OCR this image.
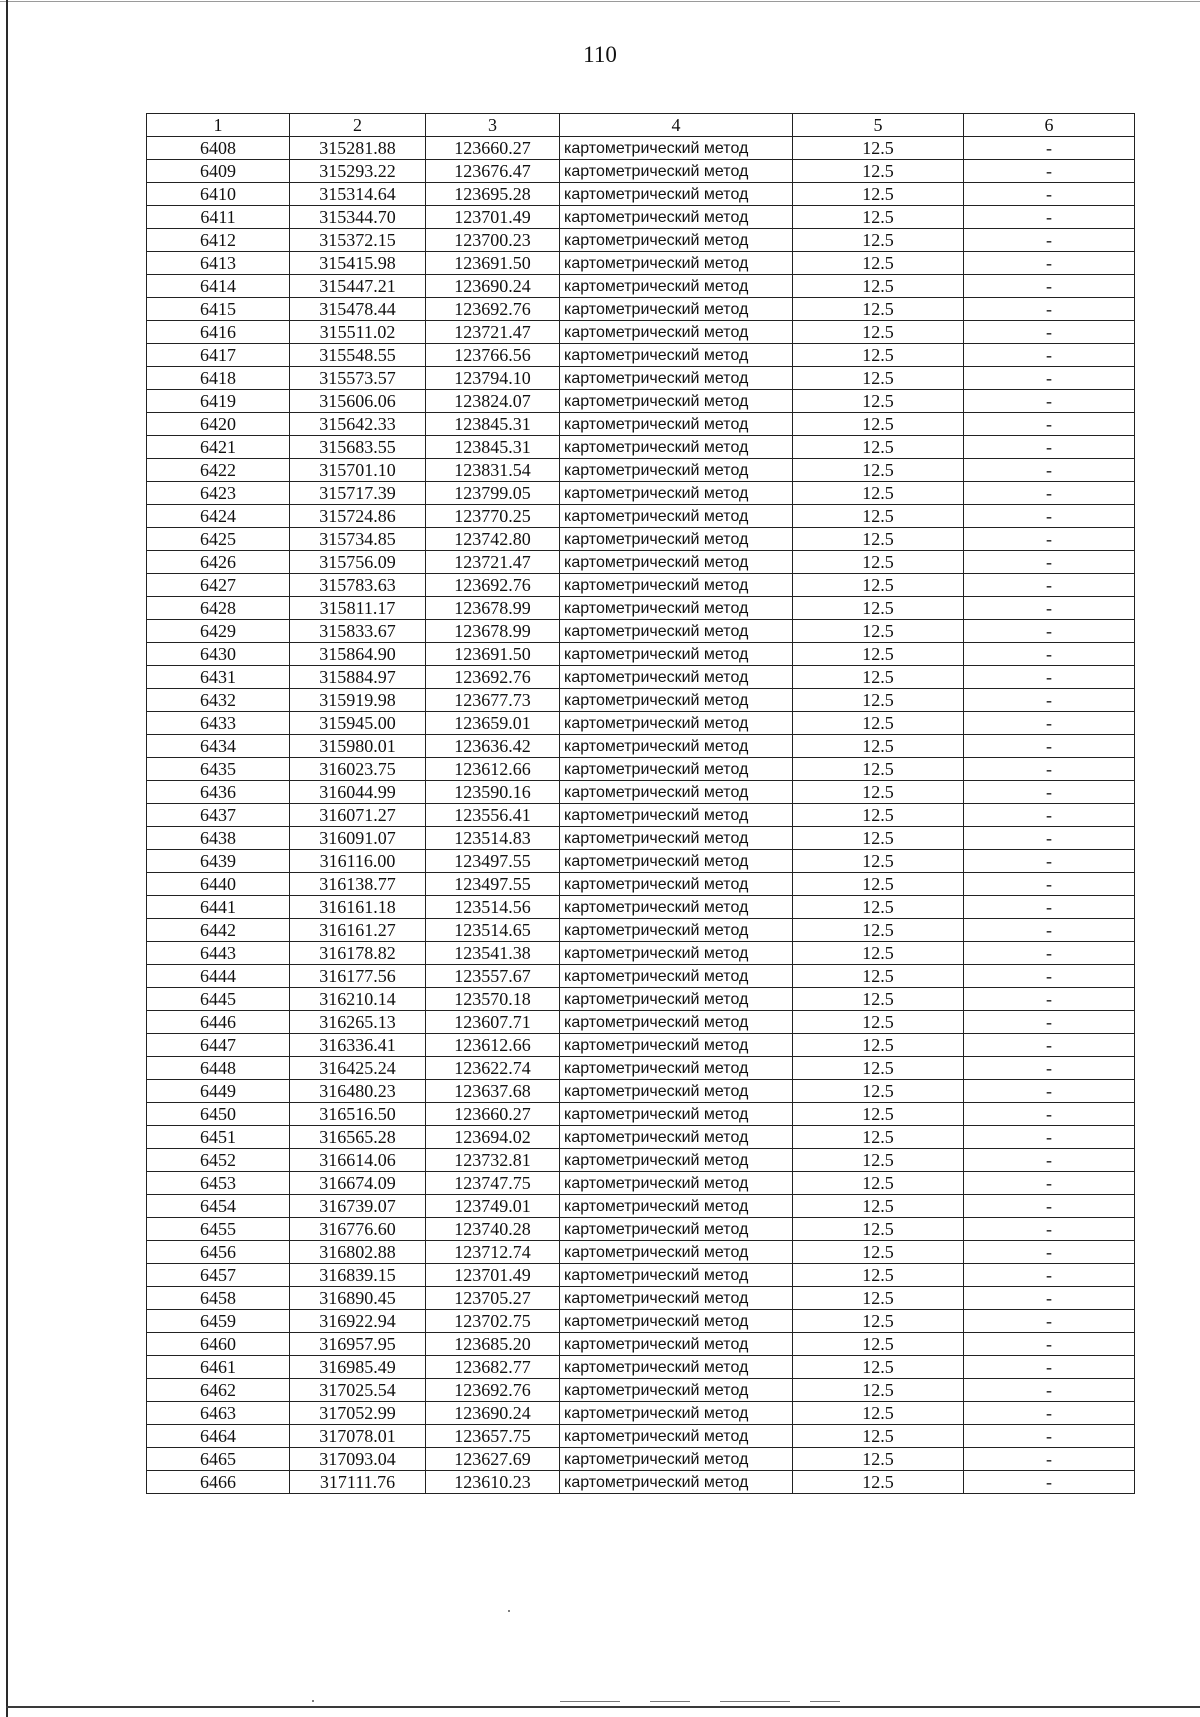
110
1	2	3	4	5	6
6408	315281.88	123660.27	картометрический метод	12.5	-
6409	315293.22	123676.47	картометрический метод	12.5	-
6410	315314.64	123695.28	картометрический метод	12.5	-
6411	315344.70	123701.49	картометрический метод	12.5	-
6412	315372.15	123700.23	картометрический метод	12.5	-
6413	315415.98	123691.50	картометрический метод	12.5	-
6414	315447.21	123690.24	картометрический метод	12.5	-
6415	315478.44	123692.76	картометрический метод	12.5	-
6416	315511.02	123721.47	картометрический метод	12.5	-
6417	315548.55	123766.56	картометрический метод	12.5	-
6418	315573.57	123794.10	картометрический метод	12.5	-
6419	315606.06	123824.07	картометрический метод	12.5	-
6420	315642.33	123845.31	картометрический метод	12.5	-
6421	315683.55	123845.31	картометрический метод	12.5	-
6422	315701.10	123831.54	картометрический метод	12.5	-
6423	315717.39	123799.05	картометрический метод	12.5	-
6424	315724.86	123770.25	картометрический метод	12.5	-
6425	315734.85	123742.80	картометрический метод	12.5	-
6426	315756.09	123721.47	картометрический метод	12.5	-
6427	315783.63	123692.76	картометрический метод	12.5	-
6428	315811.17	123678.99	картометрический метод	12.5	-
6429	315833.67	123678.99	картометрический метод	12.5	-
6430	315864.90	123691.50	картометрический метод	12.5	-
6431	315884.97	123692.76	картометрический метод	12.5	-
6432	315919.98	123677.73	картометрический метод	12.5	-
6433	315945.00	123659.01	картометрический метод	12.5	-
6434	315980.01	123636.42	картометрический метод	12.5	-
6435	316023.75	123612.66	картометрический метод	12.5	-
6436	316044.99	123590.16	картометрический метод	12.5	-
6437	316071.27	123556.41	картометрический метод	12.5	-
6438	316091.07	123514.83	картометрический метод	12.5	-
6439	316116.00	123497.55	картометрический метод	12.5	-
6440	316138.77	123497.55	картометрический метод	12.5	-
6441	316161.18	123514.56	картометрический метод	12.5	-
6442	316161.27	123514.65	картометрический метод	12.5	-
6443	316178.82	123541.38	картометрический метод	12.5	-
6444	316177.56	123557.67	картометрический метод	12.5	-
6445	316210.14	123570.18	картометрический метод	12.5	-
6446	316265.13	123607.71	картометрический метод	12.5	-
6447	316336.41	123612.66	картометрический метод	12.5	-
6448	316425.24	123622.74	картометрический метод	12.5	-
6449	316480.23	123637.68	картометрический метод	12.5	-
6450	316516.50	123660.27	картометрический метод	12.5	-
6451	316565.28	123694.02	картометрический метод	12.5	-
6452	316614.06	123732.81	картометрический метод	12.5	-
6453	316674.09	123747.75	картометрический метод	12.5	-
6454	316739.07	123749.01	картометрический метод	12.5	-
6455	316776.60	123740.28	картометрический метод	12.5	-
6456	316802.88	123712.74	картометрический метод	12.5	-
6457	316839.15	123701.49	картометрический метод	12.5	-
6458	316890.45	123705.27	картометрический метод	12.5	-
6459	316922.94	123702.75	картометрический метод	12.5	-
6460	316957.95	123685.20	картометрический метод	12.5	-
6461	316985.49	123682.77	картометрический метод	12.5	-
6462	317025.54	123692.76	картометрический метод	12.5	-
6463	317052.99	123690.24	картометрический метод	12.5	-
6464	317078.01	123657.75	картометрический метод	12.5	-
6465	317093.04	123627.69	картометрический метод	12.5	-
6466	317111.76	123610.23	картометрический метод	12.5	-
